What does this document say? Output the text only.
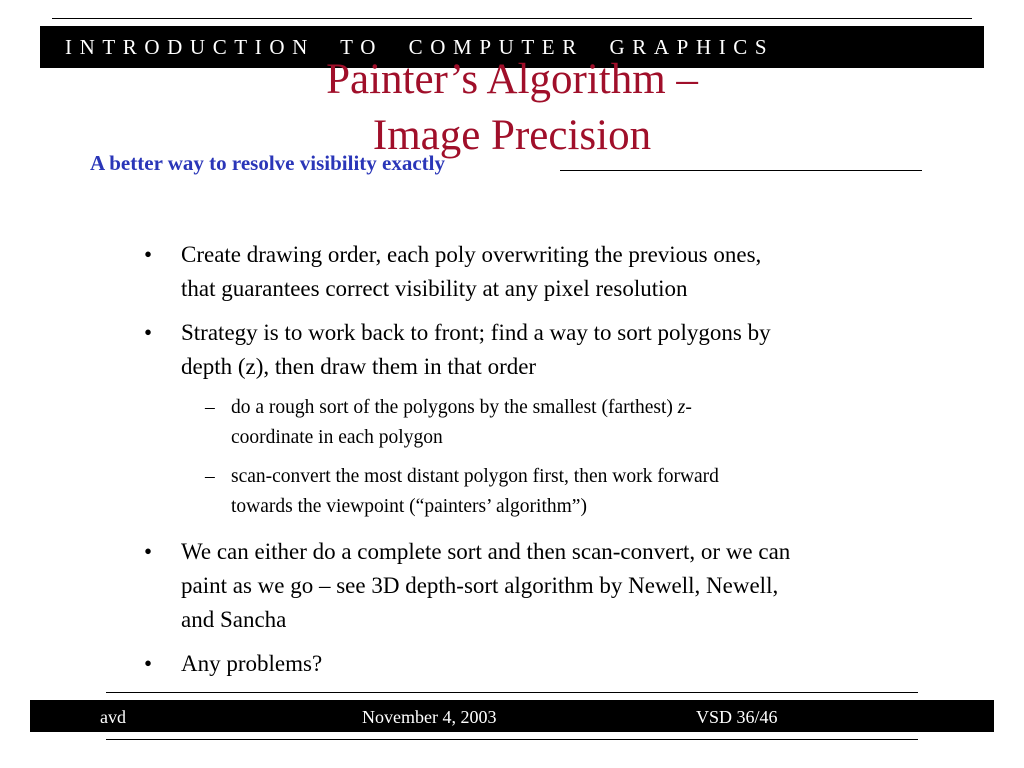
INTRODUCTION  TO  COMPUTER  GRAPHICS
Painter’s Algorithm –
Image Precision
A better way to resolve visibility exactly
• Create drawing order, each poly overwriting the previous ones,
that guarantees correct visibility at any pixel resolution
• Strategy is to work back to front; find a way to sort polygons by
depth (z), then draw them in that order
– do a rough sort of the polygons by the smallest (farthest) z-
coordinate in each polygon
– scan-convert the most distant polygon first, then work forward
towards the viewpoint (“painters’ algorithm”)
• We can either do a complete sort and then scan-convert, or we can
paint as we go – see 3D depth-sort algorithm by Newell, Newell,
and Sancha
• Any problems?
avd	November 4, 2003	VSD 36/46
